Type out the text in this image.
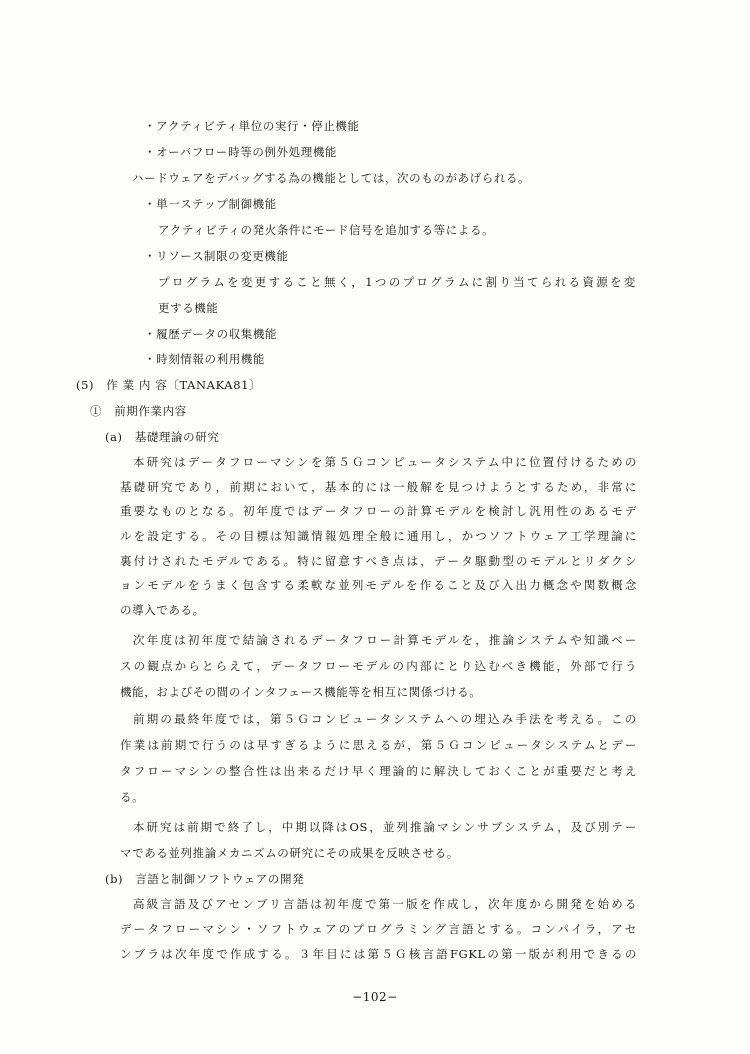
・アクティビティ単位の実行・停止機能
・オーバフロー時等の例外処理機能
ハードウェアをデバッグする為の機能としては，次のものがあげられる。
・単一ステップ制御機能
アクティビティの発火条件にモード信号を追加する等による。
・リソース制限の変更機能
プログラムを変更すること無く，1つのプログラムに割り当てられる資源を変
更する機能
・履歴データの収集機能
・時刻情報の利用機能
(5)　作 業 内 容〔TANAKA81〕
①　前期作業内容
(a)　基礎理論の研究
本研究はデータフローマシンを第５Ｇコンピュータシステム中に位置付けるための
基礎研究であり，前期において，基本的には一般解を見つけようとするため，非常に
重要なものとなる。初年度ではデータフローの計算モデルを検討し汎用性のあるモデ
ルを設定する。その目標は知識情報処理全般に通用し，かつソフトウェア工学理論に
裏付けされたモデルである。特に留意すべき点は，データ駆動型のモデルとリダクシ
ョンモデルをうまく包含する柔軟な並列モデルを作ること及び入出力概念や関数概念
の導入である。
次年度は初年度で結論されるデータフロー計算モデルを，推論システムや知識ベー
スの観点からとらえて，データフローモデルの内部にとり込むべき機能，外部で行う
機能，およびその間のインタフェース機能等を相互に関係づける。
前期の最終年度では，第５Ｇコンピュータシステムへの埋込み手法を考える。この
作業は前期で行うのは早すぎるように思えるが，第５Ｇコンピュータシステムとデー
タフローマシンの整合性は出来るだけ早く理論的に解決しておくことが重要だと考え
る。
本研究は前期で終了し，中期以降はOS，並列推論マシンサブシステム，及び別テー
マである並列推論メカニズムの研究にその成果を反映させる。
(b)　言語と制御ソフトウェアの開発
高級言語及びアセンブリ言語は初年度で第一版を作成し，次年度から開発を始める
データフローマシン・ソフトウェアのプログラミング言語とする。コンパイラ，アセ
ンブラは次年度で作成する。３年目には第５Ｇ核言語FGKLの第一版が利用できるの
−102−
